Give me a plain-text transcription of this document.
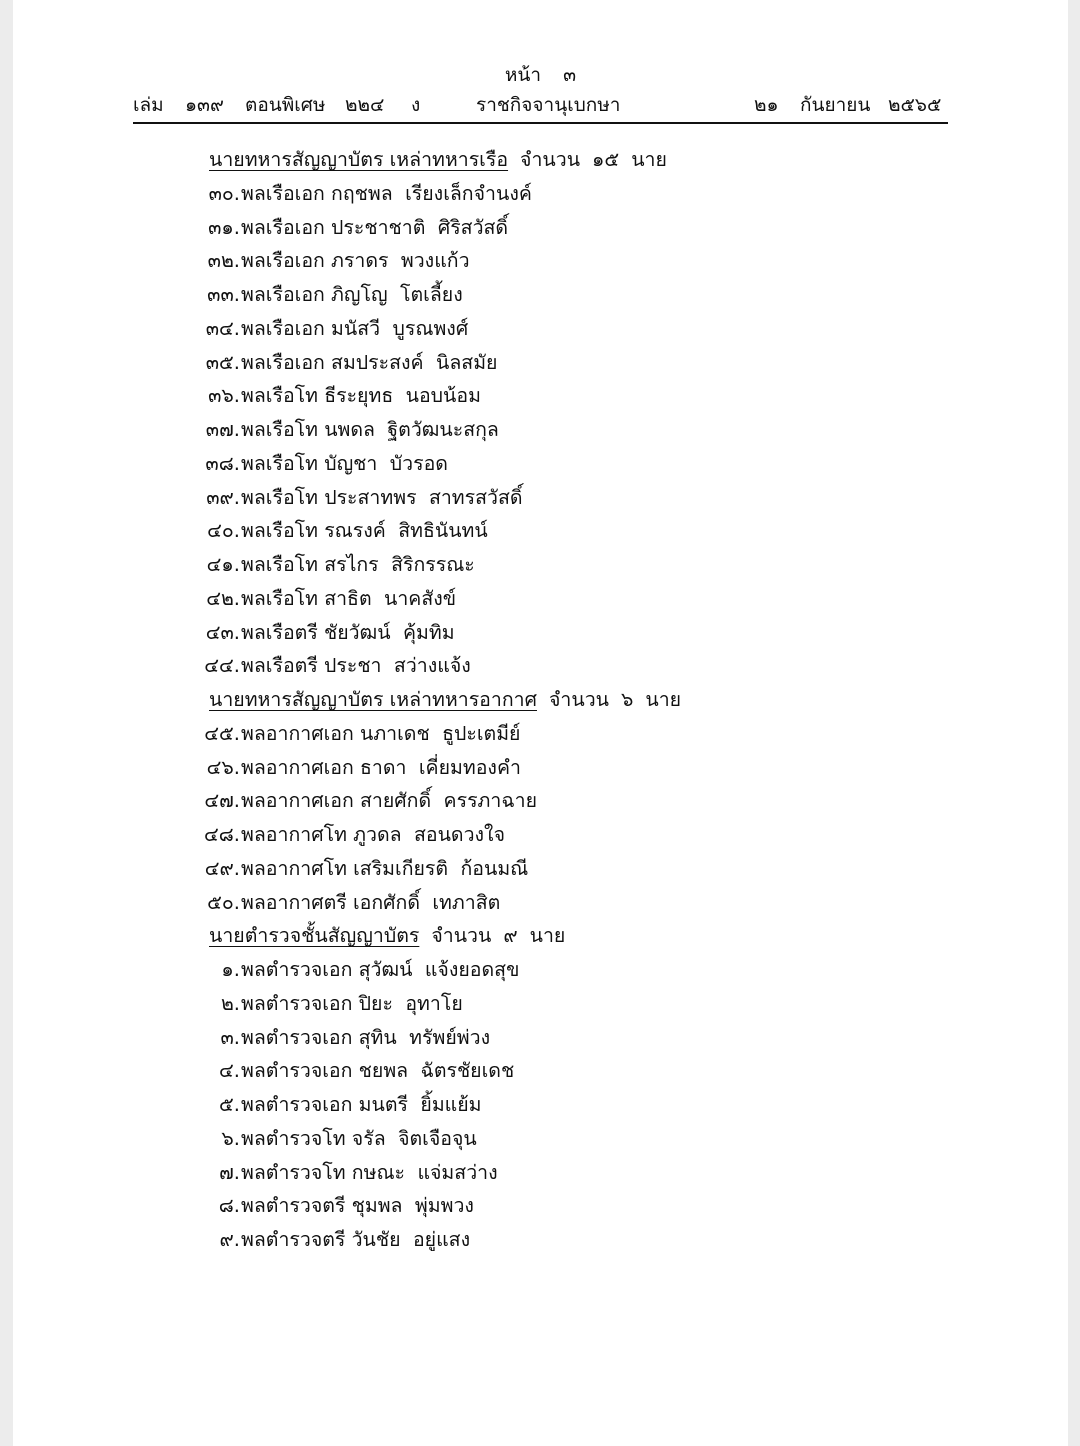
หน้า ๓
เล่ม ๑๓๙ ตอนพิเศษ ๒๒๔ ง	ราชกิจจานุเบกษา	๒๑ กันยายน ๒๕๖๕
นายทหารสัญญาบัตร เหล่าทหารเรือ จำนวน ๑๕ นาย
๓๐. พลเรือเอก กฤชพล เรียงเล็กจำนงค์
๓๑. พลเรือเอก ประชาชาติ ศิริสวัสดิ์
๓๒. พลเรือเอก ภราดร พวงแก้ว
๓๓. พลเรือเอก ภิญโญ โตเลี้ยง
๓๔. พลเรือเอก มนัสวี บูรณพงศ์
๓๕. พลเรือเอก สมประสงค์ นิลสมัย
๓๖. พลเรือโท ธีระยุทธ นอบน้อม
๓๗. พลเรือโท นพดล ฐิตวัฒนะสกุล
๓๘. พลเรือโท บัญชา บัวรอด
๓๙. พลเรือโท ประสาทพร สาทรสวัสดิ์
๔๐. พลเรือโท รณรงค์ สิทธินันทน์
๔๑. พลเรือโท สรไกร สิริกรรณะ
๔๒. พลเรือโท สาธิต นาคสังข์
๔๓. พลเรือตรี ชัยวัฒน์ คุ้มทิม
๔๔. พลเรือตรี ประชา สว่างแจ้ง
นายทหารสัญญาบัตร เหล่าทหารอากาศ จำนวน ๖ นาย
๔๕. พลอากาศเอก นภาเดช ธูปะเตมีย์
๔๖. พลอากาศเอก ธาดา เคี่ยมทองคำ
๔๗. พลอากาศเอก สายศักดิ์ ครรภาฉาย
๔๘. พลอากาศโท ภูวดล สอนดวงใจ
๔๙. พลอากาศโท เสริมเกียรติ ก้อนมณี
๕๐. พลอากาศตรี เอกศักดิ์ เทภาสิต
นายตำรวจชั้นสัญญาบัตร จำนวน ๙ นาย
๑. พลตำรวจเอก สุวัฒน์ แจ้งยอดสุข
๒. พลตำรวจเอก ปิยะ อุทาโย
๓. พลตำรวจเอก สุทิน ทรัพย์พ่วง
๔. พลตำรวจเอก ชยพล ฉัตรชัยเดช
๕. พลตำรวจเอก มนตรี ยิ้มแย้ม
๖. พลตำรวจโท จรัล จิตเจือจุน
๗. พลตำรวจโท กษณะ แจ่มสว่าง
๘. พลตำรวจตรี ชุมพล พุ่มพวง
๙. พลตำรวจตรี วันชัย อยู่แสง
